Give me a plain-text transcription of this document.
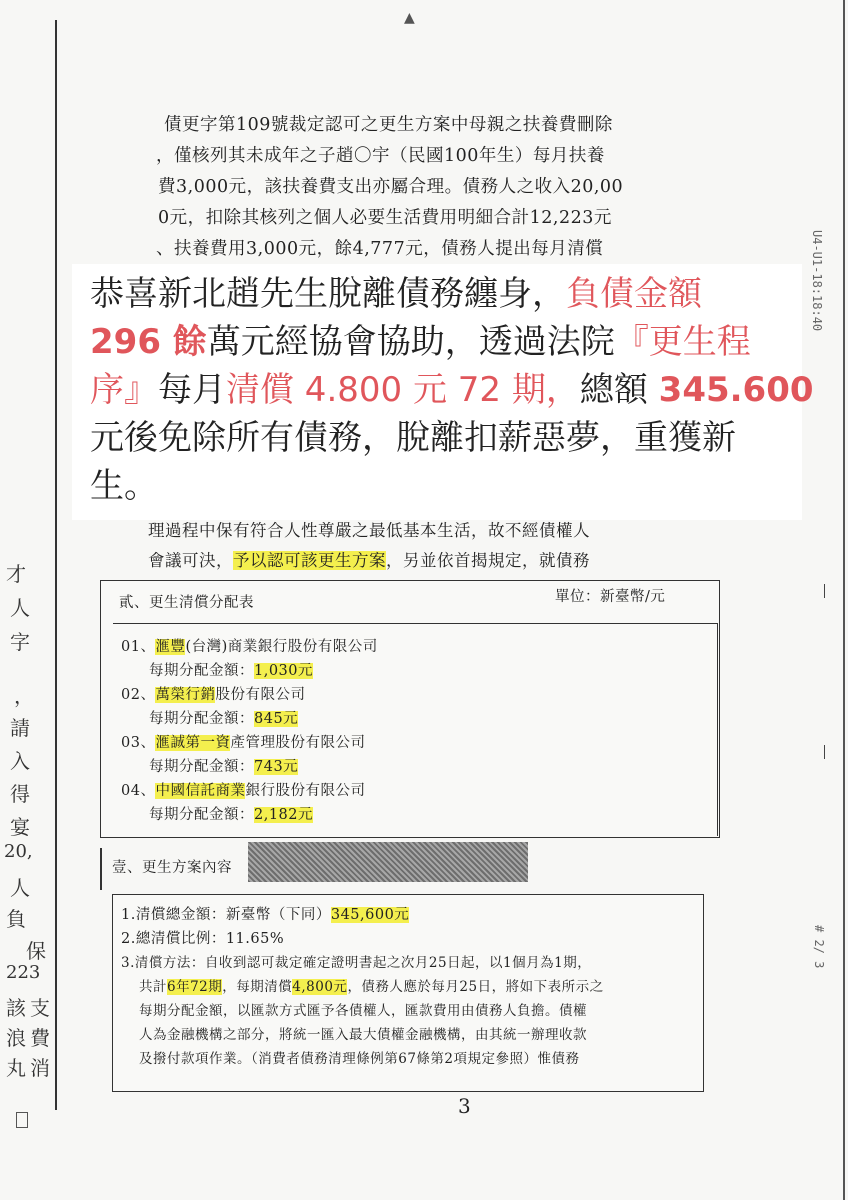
▲
U4-U1-18:18:40
# 2/ 3
債更字第109號裁定認可之更生方案中母親之扶養費刪除
，僅核列其未成年之子趙〇宇（民國100年生）每月扶養
費3,000元，該扶養費支出亦屬合理。債務人之收入20,00
0元，扣除其核列之個人必要生活費用明細合計12,223元
、扶養費用3,000元，餘4,777元，債務人提出每月清償
恭喜新北趙先生脫離債務纏身，負債金額
296 餘萬元經協會協助，透過法院『更生程
序』每月清償 4.800 元 72 期，總額 345.600
元後免除所有債務，脫離扣薪惡夢，重獲新
生。
理過程中保有符合人性尊嚴之最低基本生活，故不經債權人
會議可決，予以認可該更生方案，另並依首揭規定，就債務
貳、更生清償分配表	單位：新臺幣/元
01、滙豐(台灣)商業銀行股份有限公司
每期分配金額：1,030元
02、萬榮行銷股份有限公司
每期分配金額：845元
03、滙誠第一資產管理股份有限公司
每期分配金額：743元
04、中國信託商業銀行股份有限公司
每期分配金額：2,182元
壹、更生方案內容
1.清償總金額：新臺幣（下同）345,600元
2.總清償比例：11.65%
3.清償方法：自收到認可裁定確定證明書起之次月25日起，以1個月為1期，
共計6年72期，每期清償4,800元，債務人應於每月25日，將如下表所示之
每期分配金額，以匯款方式匯予各債權人，匯款費用由債務人負擔。債權
人為金融機構之部分，將統一匯入最大債權金融機構，由其統一辦理收款
及撥付款項作業。（消費者債務清理條例第67條第2項規定參照）惟債務
3
才
人
字
，
請
入
得
宴
20,
人
負
保
223
該 支
浪 費
丸 消
